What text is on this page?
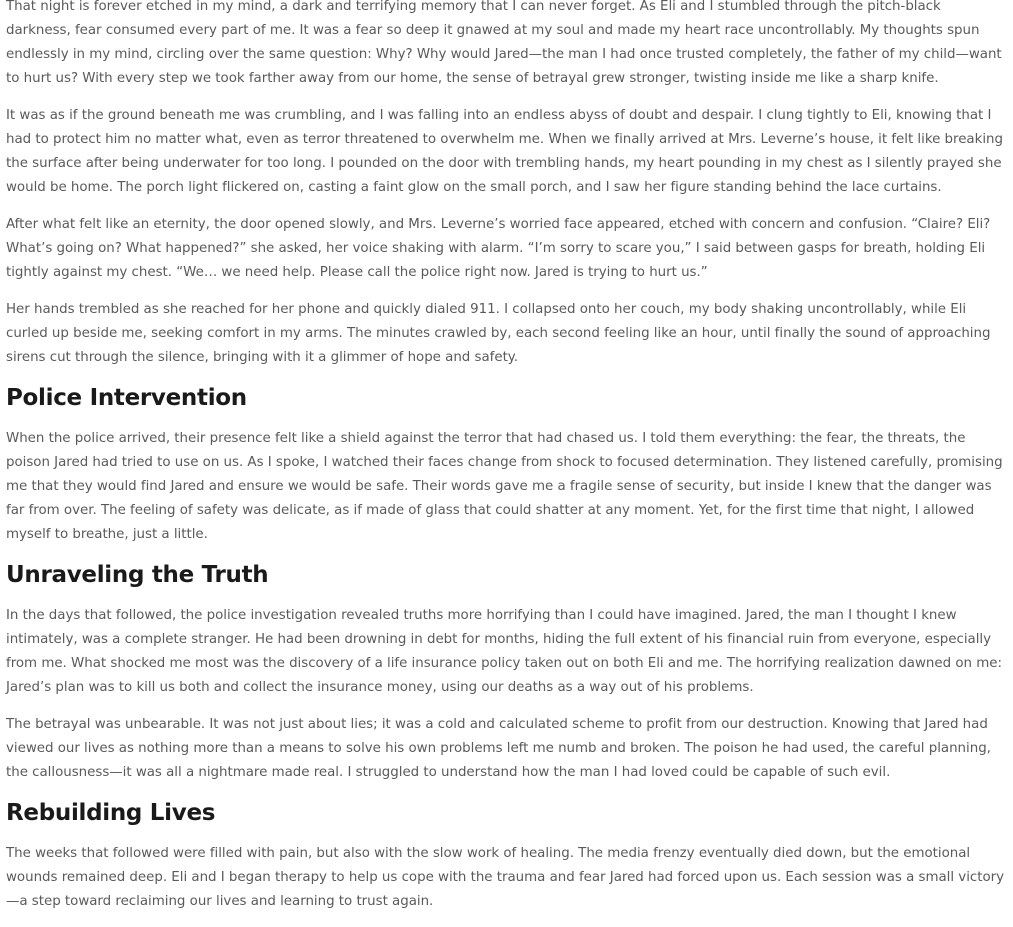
That night is forever etched in my mind, a dark and terrifying memory that I can never forget. As Eli and I stumbled through the pitch-black darkness, fear consumed every part of me. It was a fear so deep it gnawed at my soul and made my heart race uncontrollably. My thoughts spun endlessly in my mind, circling over the same question: Why? Why would Jared—the man I had once trusted completely, the father of my child—want to hurt us? With every step we took farther away from our home, the sense of betrayal grew stronger, twisting inside me like a sharp knife.

It was as if the ground beneath me was crumbling, and I was falling into an endless abyss of doubt and despair. I clung tightly to Eli, knowing that I had to protect him no matter what, even as terror threatened to overwhelm me. When we finally arrived at Mrs. Leverne’s house, it felt like breaking the surface after being underwater for too long. I pounded on the door with trembling hands, my heart pounding in my chest as I silently prayed she would be home. The porch light flickered on, casting a faint glow on the small porch, and I saw her figure standing behind the lace curtains.

After what felt like an eternity, the door opened slowly, and Mrs. Leverne’s worried face appeared, etched with concern and confusion. “Claire? Eli? What’s going on? What happened?” she asked, her voice shaking with alarm. “I’m sorry to scare you,” I said between gasps for breath, holding Eli tightly against my chest. “We… we need help. Please call the police right now. Jared is trying to hurt us.”

Her hands trembled as she reached for her phone and quickly dialed 911. I collapsed onto her couch, my body shaking uncontrollably, while Eli curled up beside me, seeking comfort in my arms. The minutes crawled by, each second feeling like an hour, until finally the sound of approaching sirens cut through the silence, bringing with it a glimmer of hope and safety.

Police Intervention

When the police arrived, their presence felt like a shield against the terror that had chased us. I told them everything: the fear, the threats, the poison Jared had tried to use on us. As I spoke, I watched their faces change from shock to focused determination. They listened carefully, promising me that they would find Jared and ensure we would be safe. Their words gave me a fragile sense of security, but inside I knew that the danger was far from over. The feeling of safety was delicate, as if made of glass that could shatter at any moment. Yet, for the first time that night, I allowed myself to breathe, just a little.

Unraveling the Truth

In the days that followed, the police investigation revealed truths more horrifying than I could have imagined. Jared, the man I thought I knew intimately, was a complete stranger. He had been drowning in debt for months, hiding the full extent of his financial ruin from everyone, especially from me. What shocked me most was the discovery of a life insurance policy taken out on both Eli and me. The horrifying realization dawned on me: Jared’s plan was to kill us both and collect the insurance money, using our deaths as a way out of his problems.

The betrayal was unbearable. It was not just about lies; it was a cold and calculated scheme to profit from our destruction. Knowing that Jared had viewed our lives as nothing more than a means to solve his own problems left me numb and broken. The poison he had used, the careful planning, the callousness—it was all a nightmare made real. I struggled to understand how the man I had loved could be capable of such evil.

Rebuilding Lives

The weeks that followed were filled with pain, but also with the slow work of healing. The media frenzy eventually died down, but the emotional wounds remained deep. Eli and I began therapy to help us cope with the trauma and fear Jared had forced upon us. Each session was a small victory—a step toward reclaiming our lives and learning to trust again.
